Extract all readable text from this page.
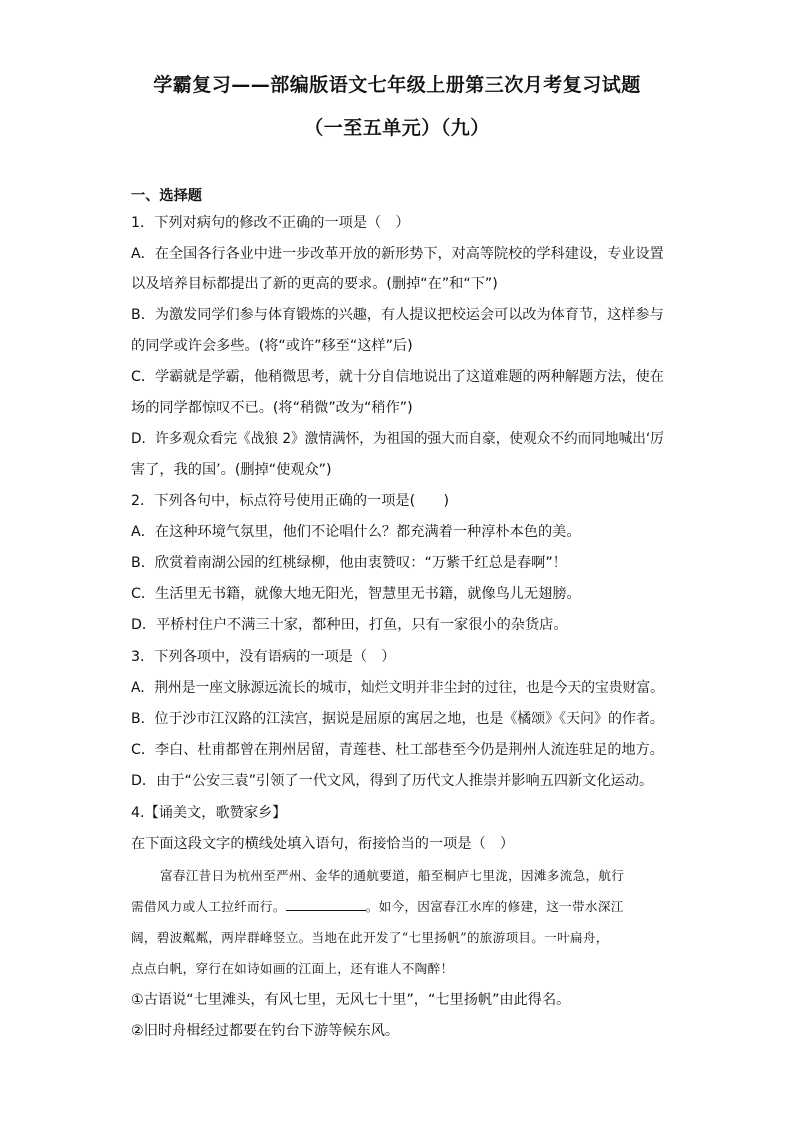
学霸复习——部编版语文七年级上册第三次月考复习试题
（一至五单元）（九）
一、选择题
1．下列对病句的修改不正确的一项是（　）
A．在全国各行各业中进一步改革开放的新形势下，对高等院校的学科建设，专业设置
以及培养目标都提出了新的更高的要求。(删掉“在”和“下”)
B．为激发同学们参与体育锻炼的兴趣，有人提议把校运会可以改为体育节，这样参与
的同学或许会多些。(将“或许”移至“这样”后)
C．学霸就是学霸，他稍微思考，就十分自信地说出了这道难题的两种解题方法，使在
场的同学都惊叹不已。(将“稍微”改为“稍作”)
D．许多观众看完《战狼 2》激情满怀，为祖国的强大而自豪，使观众不约而同地喊出‘厉
害了，我的国’。(删掉“使观众”)
2．下列各句中，标点符号使用正确的一项是(　　)
A．在这种环境气氛里，他们不论唱什么？都充满着一种淳朴本色的美。
B．欣赏着南湖公园的红桃绿柳，他由衷赞叹：“万紫千红总是春啊”！
C．生活里无书籍，就像大地无阳光，智慧里无书籍，就像鸟儿无翅膀。
D．平桥村住户不满三十家，都种田，打鱼，只有一家很小的杂货店。
3．下列各项中，没有语病的一项是（　）
A．荆州是一座文脉源远流长的城市，灿烂文明并非尘封的过往，也是今天的宝贵财富。
B．位于沙市江汉路的江渎宫，据说是屈原的寓居之地，也是《橘颂》《天问》的作者。
C．李白、杜甫都曾在荆州居留，青莲巷、杜工部巷至今仍是荆州人流连驻足的地方。
D．由于“公安三袁”引领了一代文风，得到了历代文人推崇并影响五四新文化运动。
4.【诵美文，歌赞家乡】
在下面这段文字的横线处填入语句，衔接恰当的一项是（　）
富春江昔日为杭州至严州、金华的通航要道，船至桐庐七里泷，因滩多流急，航行
需借风力或人工拉纤而行。	。如今，因富春江水库的修建，这一带水深江
阔，碧波粼粼，两岸群峰竖立。当地在此开发了“七里扬帆”的旅游项目。一叶扁舟，
点点白帆，穿行在如诗如画的江面上，还有谁人不陶醉！
①古语说“七里滩头，有风七里，无风七十里”，“七里扬帆”由此得名。
②旧时舟楫经过都要在钓台下游等候东风。
